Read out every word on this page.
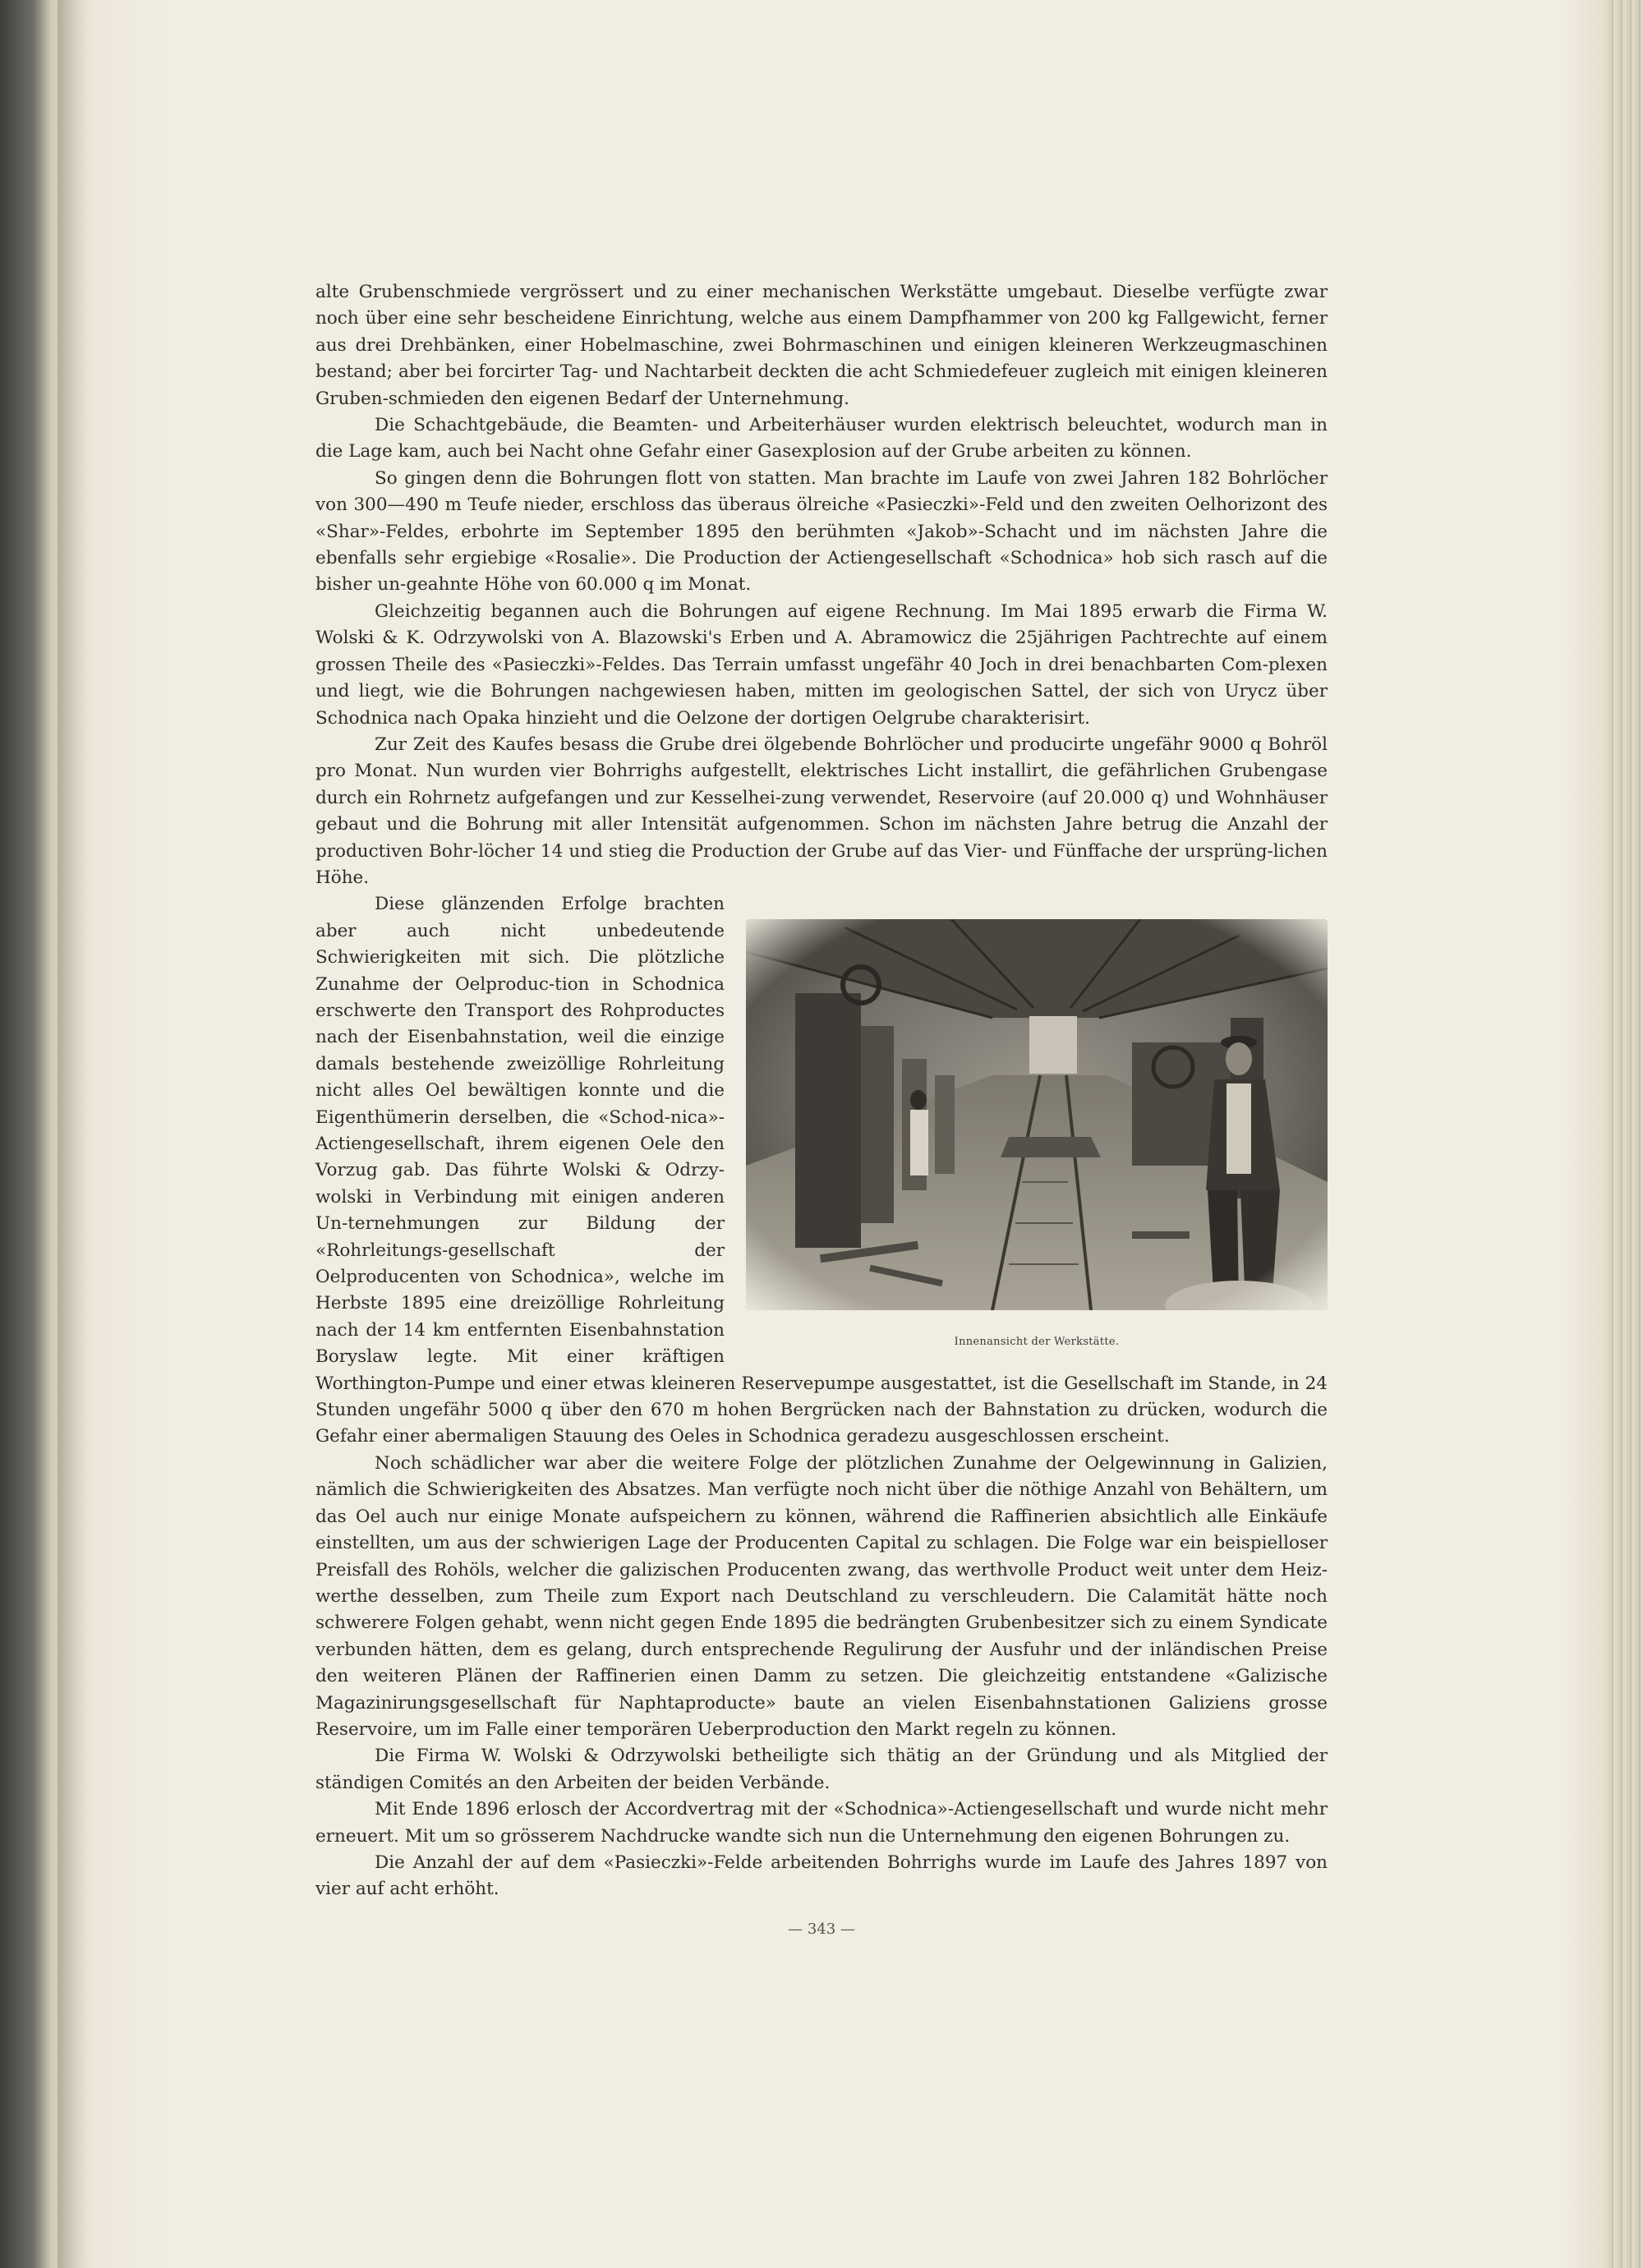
alte Grubenschmiede vergrössert und zu einer mechanischen Werkstätte umgebaut. Dieselbe verfügte zwar noch über eine sehr bescheidene Einrichtung, welche aus einem Dampfhammer von 200 kg Fallgewicht, ferner aus drei Drehbänken, einer Hobelmaschine, zwei Bohrmaschinen und einigen kleineren Werkzeugmaschinen bestand; aber bei forcirter Tag- und Nachtarbeit deckten die acht Schmiedefeuer zugleich mit einigen kleineren Gruben-schmieden den eigenen Bedarf der Unternehmung.

Die Schachtgebäude, die Beamten- und Arbeiterhäuser wurden elektrisch beleuchtet, wodurch man in die Lage kam, auch bei Nacht ohne Gefahr einer Gasexplosion auf der Grube arbeiten zu können.

So gingen denn die Bohrungen flott von statten. Man brachte im Laufe von zwei Jahren 182 Bohrlöcher von 300—490 m Teufe nieder, erschloss das überaus ölreiche «Pasieczki»-Feld und den zweiten Oelhorizont des «Shar»-Feldes, erbohrte im September 1895 den berühmten «Jakob»-Schacht und im nächsten Jahre die ebenfalls sehr ergiebige «Rosalie». Die Production der Actiengesellschaft «Schodnica» hob sich rasch auf die bisher un-geahnte Höhe von 60.000 q im Monat.

Gleichzeitig begannen auch die Bohrungen auf eigene Rechnung. Im Mai 1895 erwarb die Firma W. Wolski & K. Odrzywolski von A. Blazowski's Erben und A. Abramowicz die 25jährigen Pachtrechte auf einem grossen Theile des «Pasieczki»-Feldes. Das Terrain umfasst ungefähr 40 Joch in drei benachbarten Com-plexen und liegt, wie die Bohrungen nachgewiesen haben, mitten im geologischen Sattel, der sich von Urycz über Schodnica nach Opaka hinzieht und die Oelzone der dortigen Oelgrube charakterisirt.

Zur Zeit des Kaufes besass die Grube drei ölgebende Bohrlöcher und producirte ungefähr 9000 q Bohröl pro Monat. Nun wurden vier Bohrrighs aufgestellt, elektrisches Licht installirt, die gefährlichen Grubengase durch ein Rohrnetz aufgefangen und zur Kesselhei-zung verwendet, Reservoire (auf 20.000 q) und Wohnhäuser gebaut und die Bohrung mit aller Intensität aufgenommen. Schon im nächsten Jahre betrug die Anzahl der productiven Bohr-löcher 14 und stieg die Production der Grube auf das Vier- und Fünffache der ursprüng-lichen Höhe.

Innenansicht der Werkstätte.

Diese glänzenden Erfolge brachten aber auch nicht unbedeutende Schwierigkeiten mit sich. Die plötzliche Zunahme der Oelproduc-tion in Schodnica erschwerte den Transport des Rohproductes nach der Eisenbahnstation, weil die einzige damals bestehende zweizöllige Rohrleitung nicht alles Oel bewältigen konnte und die Eigenthümerin derselben, die «Schod-nica»-Actiengesellschaft, ihrem eigenen Oele den Vorzug gab. Das führte Wolski & Odrzy-wolski in Verbindung mit einigen anderen Un-ternehmungen zur Bildung der «Rohrleitungs-gesellschaft der Oelproducenten von Schodnica», welche im Herbste 1895 eine dreizöllige Rohrleitung nach der 14 km entfernten Eisenbahnstation Boryslaw legte. Mit einer kräftigen Worthington-Pumpe und einer etwas kleineren Reservepumpe ausgestattet, ist die Gesellschaft im Stande, in 24 Stunden ungefähr 5000 q über den 670 m hohen Bergrücken nach der Bahnstation zu drücken, wodurch die Gefahr einer abermaligen Stauung des Oeles in Schodnica geradezu ausgeschlossen erscheint.

Noch schädlicher war aber die weitere Folge der plötzlichen Zunahme der Oelgewinnung in Galizien, nämlich die Schwierigkeiten des Absatzes. Man verfügte noch nicht über die nöthige Anzahl von Behältern, um das Oel auch nur einige Monate aufspeichern zu können, während die Raffinerien absichtlich alle Einkäufe einstellten, um aus der schwierigen Lage der Producenten Capital zu schlagen. Die Folge war ein beispielloser Preisfall des Rohöls, welcher die galizischen Producenten zwang, das werthvolle Product weit unter dem Heiz-werthe desselben, zum Theile zum Export nach Deutschland zu verschleudern. Die Calamität hätte noch schwerere Folgen gehabt, wenn nicht gegen Ende 1895 die bedrängten Grubenbesitzer sich zu einem Syndicate verbunden hätten, dem es gelang, durch entsprechende Regulirung der Ausfuhr und der inländischen Preise den weiteren Plänen der Raffinerien einen Damm zu setzen. Die gleichzeitig entstandene «Galizische Magazinirungsgesellschaft für Naphtaproducte» baute an vielen Eisenbahnstationen Galiziens grosse Reservoire, um im Falle einer temporären Ueberproduction den Markt regeln zu können.

Die Firma W. Wolski & Odrzywolski betheiligte sich thätig an der Gründung und als Mitglied der ständigen Comités an den Arbeiten der beiden Verbände.

Mit Ende 1896 erlosch der Accordvertrag mit der «Schodnica»-Actiengesellschaft und wurde nicht mehr erneuert. Mit um so grösserem Nachdrucke wandte sich nun die Unternehmung den eigenen Bohrungen zu.

Die Anzahl der auf dem «Pasieczki»-Felde arbeitenden Bohrrighs wurde im Laufe des Jahres 1897 von vier auf acht erhöht.

— 343 —
